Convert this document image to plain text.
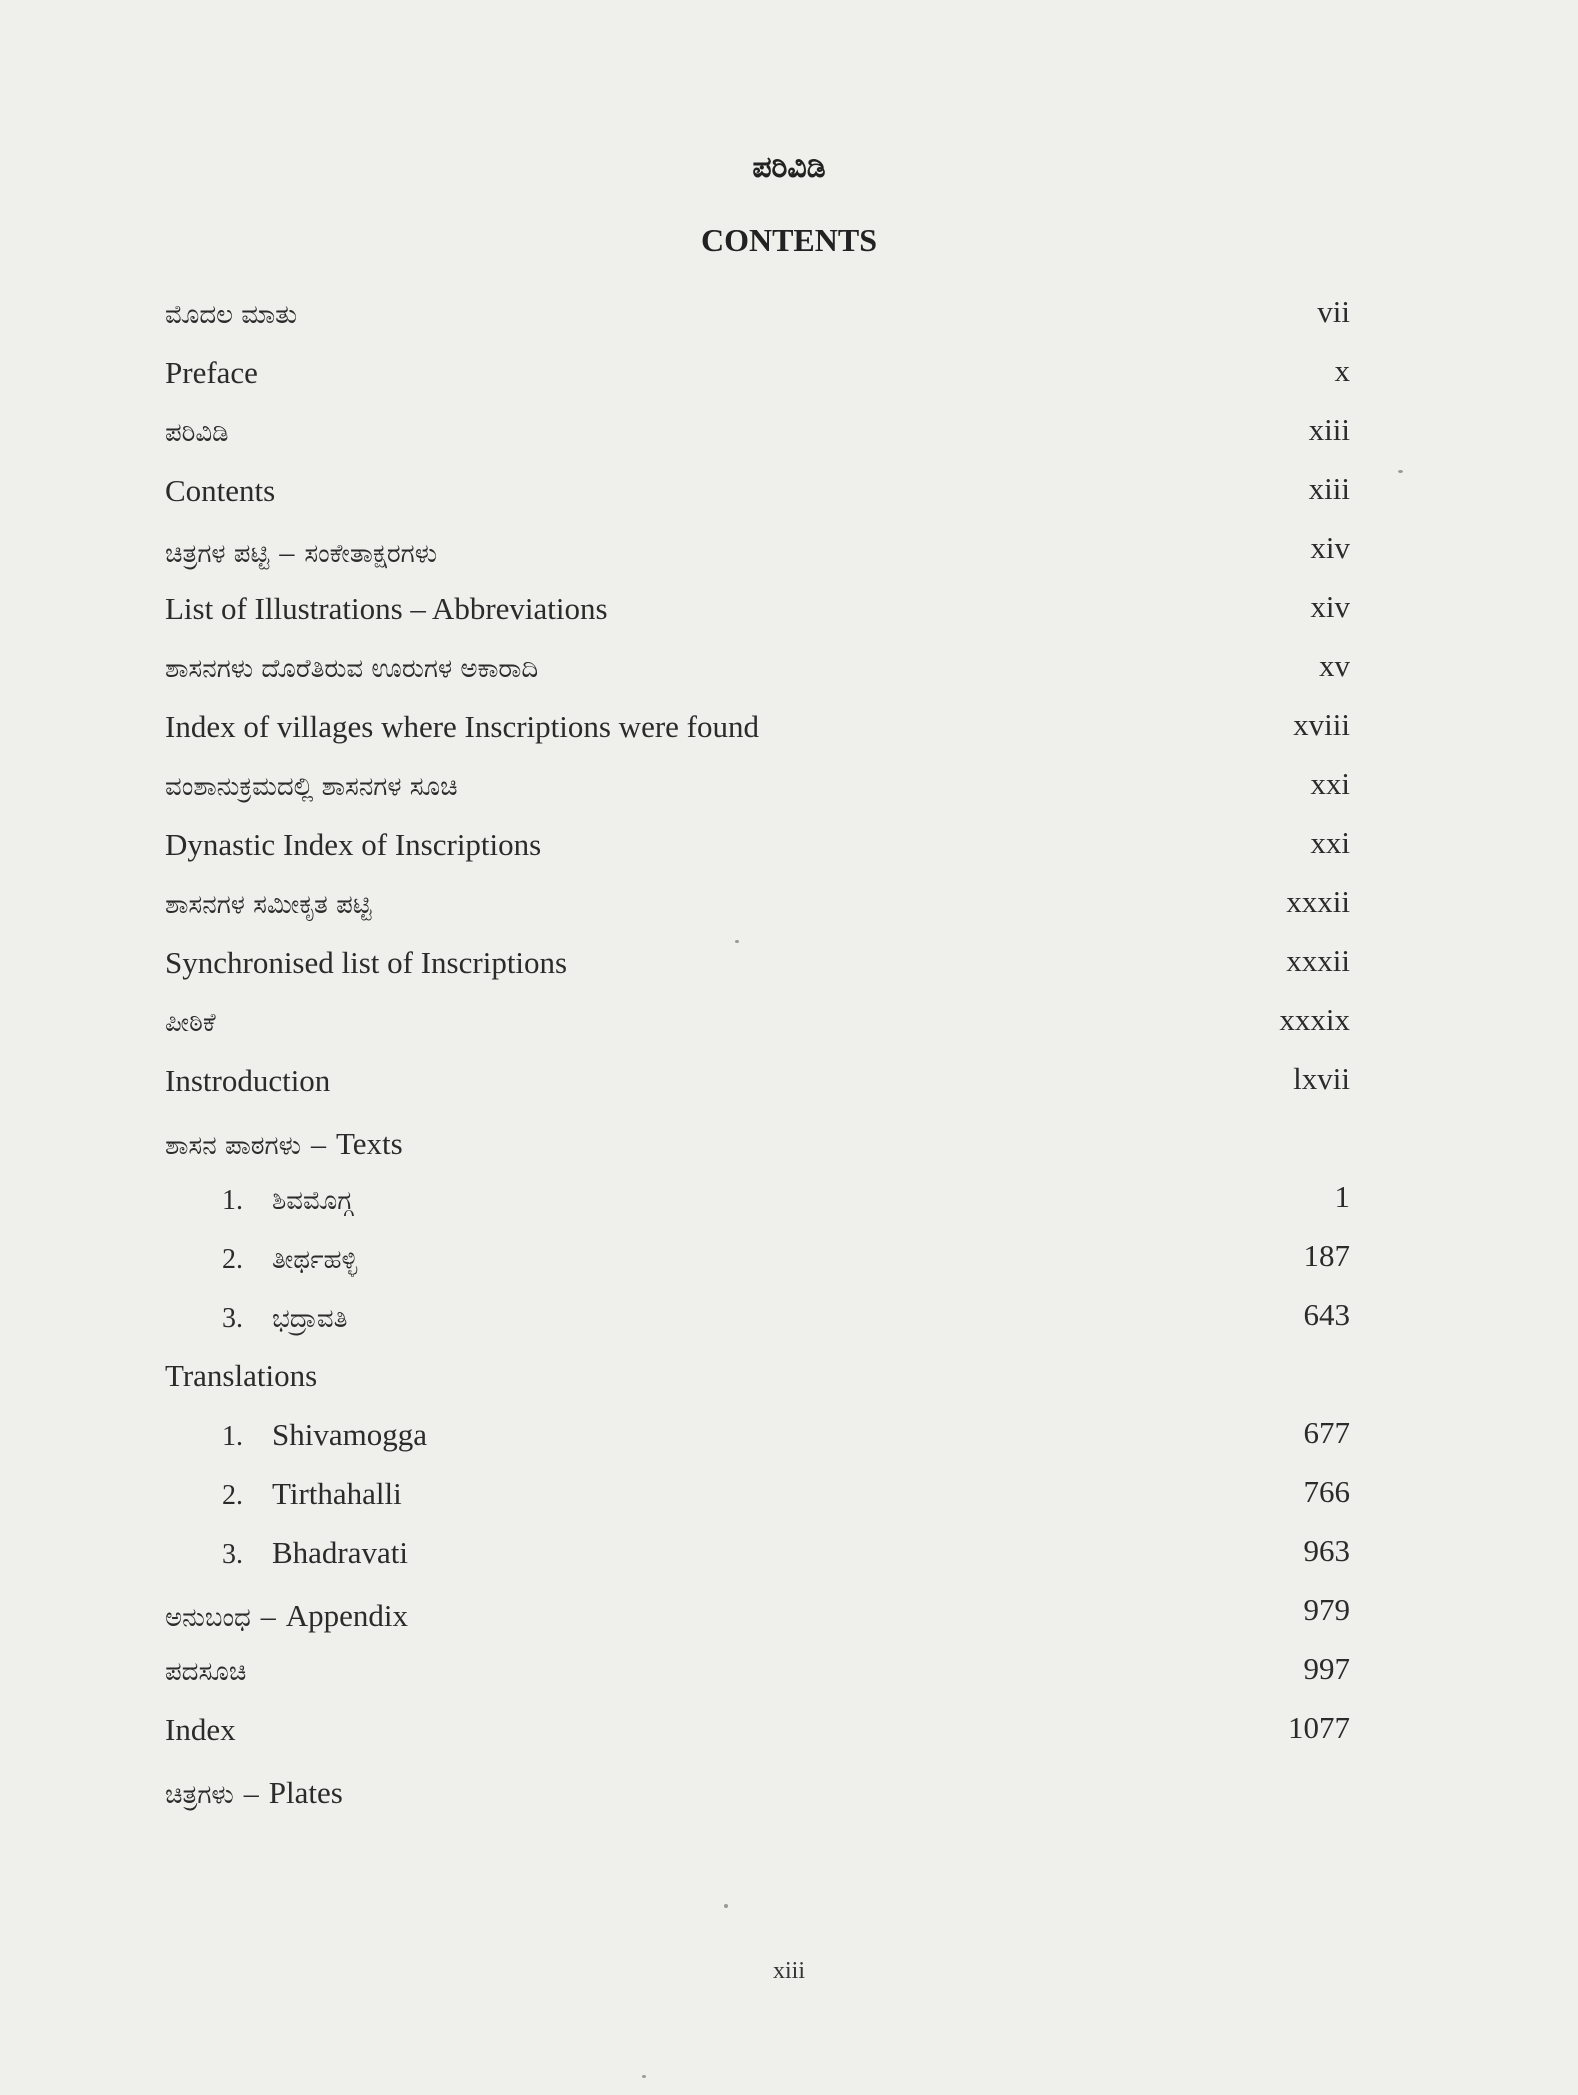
ಪರಿವಿಡಿ
CONTENTS
ಮೊದಲ ಮಾತು	vii
Preface	x
ಪರಿವಿಡಿ	xiii
Contents	xiii
ಚಿತ್ರಗಳ ಪಟ್ಟಿ – ಸಂಕೇತಾಕ್ಷರಗಳು	xiv
List of Illustrations – Abbreviations	xiv
ಶಾಸನಗಳು ದೊರೆತಿರುವ ಊರುಗಳ ಅಕಾರಾದಿ	xv
Index of villages where Inscriptions were found	xviii
ವಂಶಾನುಕ್ರಮದಲ್ಲಿ ಶಾಸನಗಳ ಸೂಚಿ	xxi
Dynastic Index of Inscriptions	xxi
ಶಾಸನಗಳ ಸಮೀಕೃತ ಪಟ್ಟಿ	xxxii
Synchronised list of Inscriptions	xxxii
ಪೀಠಿಕೆ	xxxix
Instroduction	lxvii
ಶಾಸನ ಪಾಠಗಳು – Texts
1. ಶಿವಮೊಗ್ಗ	1
2. ತೀರ್ಥಹಳ್ಳಿ	187
3. ಭದ್ರಾವತಿ	643
Translations
1. Shivamogga	677
2. Tirthahalli	766
3. Bhadravati	963
ಅನುಬಂಧ – Appendix	979
ಪದಸೂಚಿ	997
Index	1077
ಚಿತ್ರಗಳು – Plates
xiii
